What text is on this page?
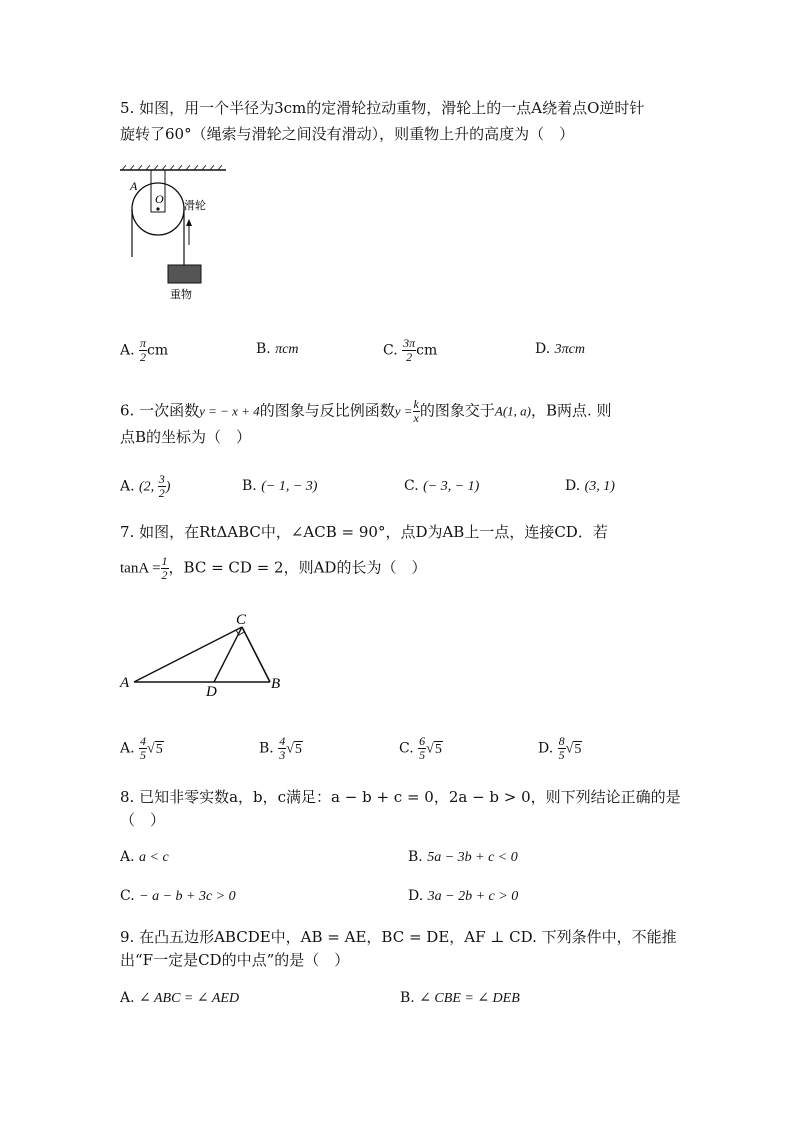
5. 如图，用一个半径为3cm的定滑轮拉动重物，滑轮上的一点A绕着点O逆时针
旋转了60°（绳索与滑轮之间没有滑动），则重物上升的高度为（　）
A
O 滑轮
重物
A. $\frac{\pi}{2}$ cm	B. πcm	C. $\frac{3\pi}{2}$ cm	D. 3πcm
6. 一次函数y = − x + 4的图象与反比例函数$y = \frac{k}{x}$ 的图象交于A(1, a)，B两点. 则
点B的坐标为（　）
A. (2, $\frac{3}{2}$ )	B. (− 1, − 3)	C. (− 3, − 1)	D. (3, 1)
7. 如图，在RtΔABC中，∠ACB = 90°，点D为AB上一点，连接CD．若
$\tan A = \frac{1}{2}$ ，BC = CD = 2，则AD的长为（　）
A	B
C
D
A. $\frac{4}{5} √5$	B. $\frac{4}{3} √5$	C. $\frac{6}{5} √5$	D. $\frac{8}{5} √5$
8. 已知非零实数a，b，c满足：a − b + c = 0，2a − b > 0，则下列结论正确的是
（　）
A. a < c	B. 5a − 3b + c < 0
C. − a − b + 3c > 0	D. 3a − 2b + c > 0
9. 在凸五边形ABCDE中，AB = AE，BC = DE，AF ⊥ CD. 下列条件中，不能推
出“F一定是CD的中点”的是（　）
A. ∠ ABC = ∠ AED	B. ∠ CBE = ∠ DEB
